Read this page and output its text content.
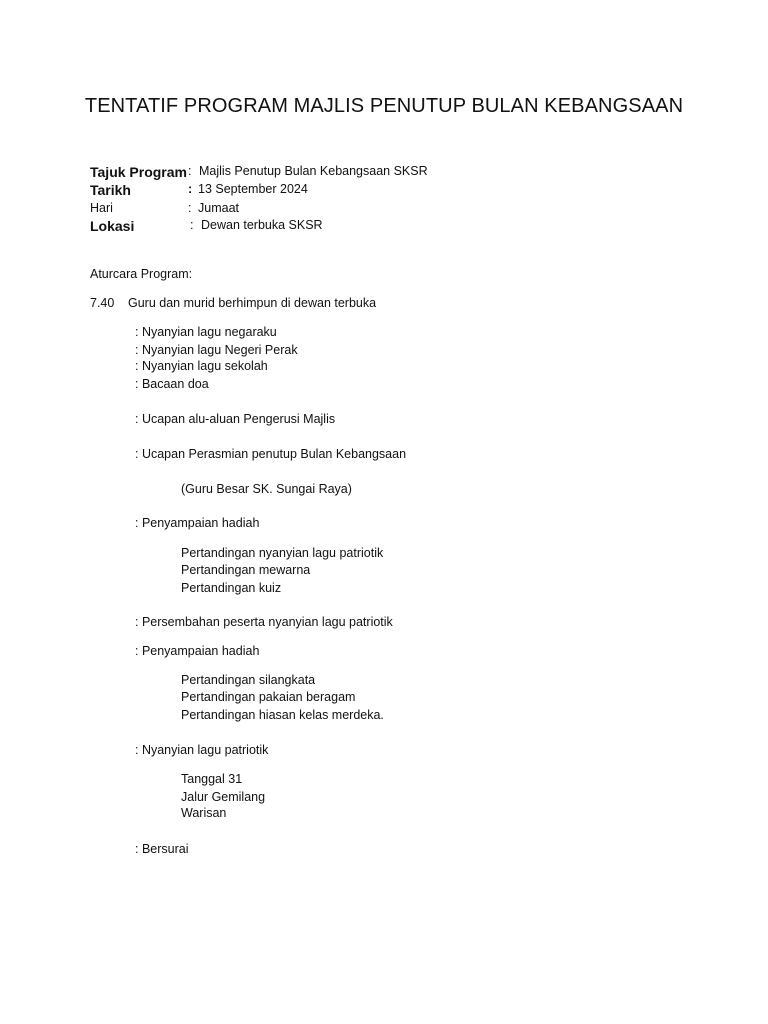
TENTATIF PROGRAM MAJLIS PENUTUP BULAN KEBANGSAAN
Tajuk Program : Majlis Penutup Bulan Kebangsaan SKSR
Tarikh	: 13 September 2024
Hari	: Jumaat
Lokasi	: Dewan terbuka SKSR
Aturcara Program:
7.40 Guru dan murid berhimpun di dewan terbuka
: Nyanyian lagu negaraku
: Nyanyian lagu Negeri Perak
: Nyanyian lagu sekolah
: Bacaan doa
: Ucapan alu-aluan Pengerusi Majlis
: Ucapan Perasmian penutup Bulan Kebangsaan
(Guru Besar SK. Sungai Raya)
: Penyampaian hadiah
Pertandingan nyanyian lagu patriotik
Pertandingan mewarna
Pertandingan kuiz
: Persembahan peserta nyanyian lagu patriotik
: Penyampaian hadiah
Pertandingan silangkata
Pertandingan pakaian beragam
Pertandingan hiasan kelas merdeka.
: Nyanyian lagu patriotik
Tanggal 31
Jalur Gemilang
Warisan
: Bersurai
